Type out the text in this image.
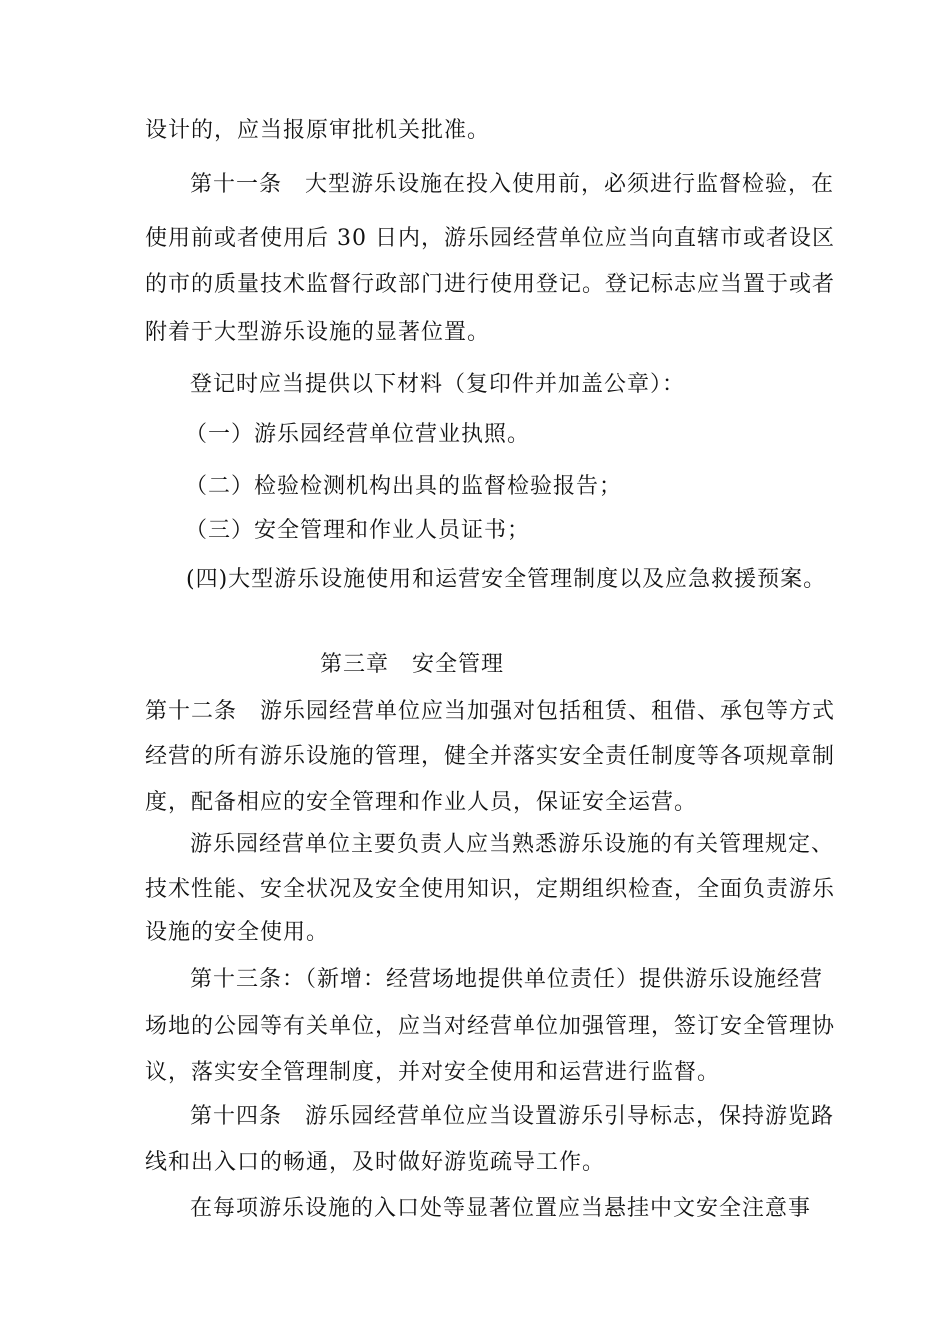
设计的，应当报原审批机关批准。
第十一条　大型游乐设施在投入使用前，必须进行监督检验，在
使用前或者使用后 30 日内，游乐园经营单位应当向直辖市或者设区
的市的质量技术监督行政部门进行使用登记。登记标志应当置于或者
附着于大型游乐设施的显著位置。
登记时应当提供以下材料（复印件并加盖公章）：
（一）游乐园经营单位营业执照。
（二）检验检测机构出具的监督检验报告；
（三）安全管理和作业人员证书；
(四)大型游乐设施使用和运营安全管理制度以及应急救援预案。
第三章　安全管理
第十二条　游乐园经营单位应当加强对包括租赁、租借、承包等方式
经营的所有游乐设施的管理，健全并落实安全责任制度等各项规章制
度，配备相应的安全管理和作业人员，保证安全运营。
游乐园经营单位主要负责人应当熟悉游乐设施的有关管理规定、
技术性能、安全状况及安全使用知识，定期组织检查，全面负责游乐
设施的安全使用。
第十三条：（新增：经营场地提供单位责任）提供游乐设施经营
场地的公园等有关单位，应当对经营单位加强管理，签订安全管理协
议，落实安全管理制度，并对安全使用和运营进行监督。
第十四条　游乐园经营单位应当设置游乐引导标志，保持游览路
线和出入口的畅通，及时做好游览疏导工作。
在每项游乐设施的入口处等显著位置应当悬挂中文安全注意事
